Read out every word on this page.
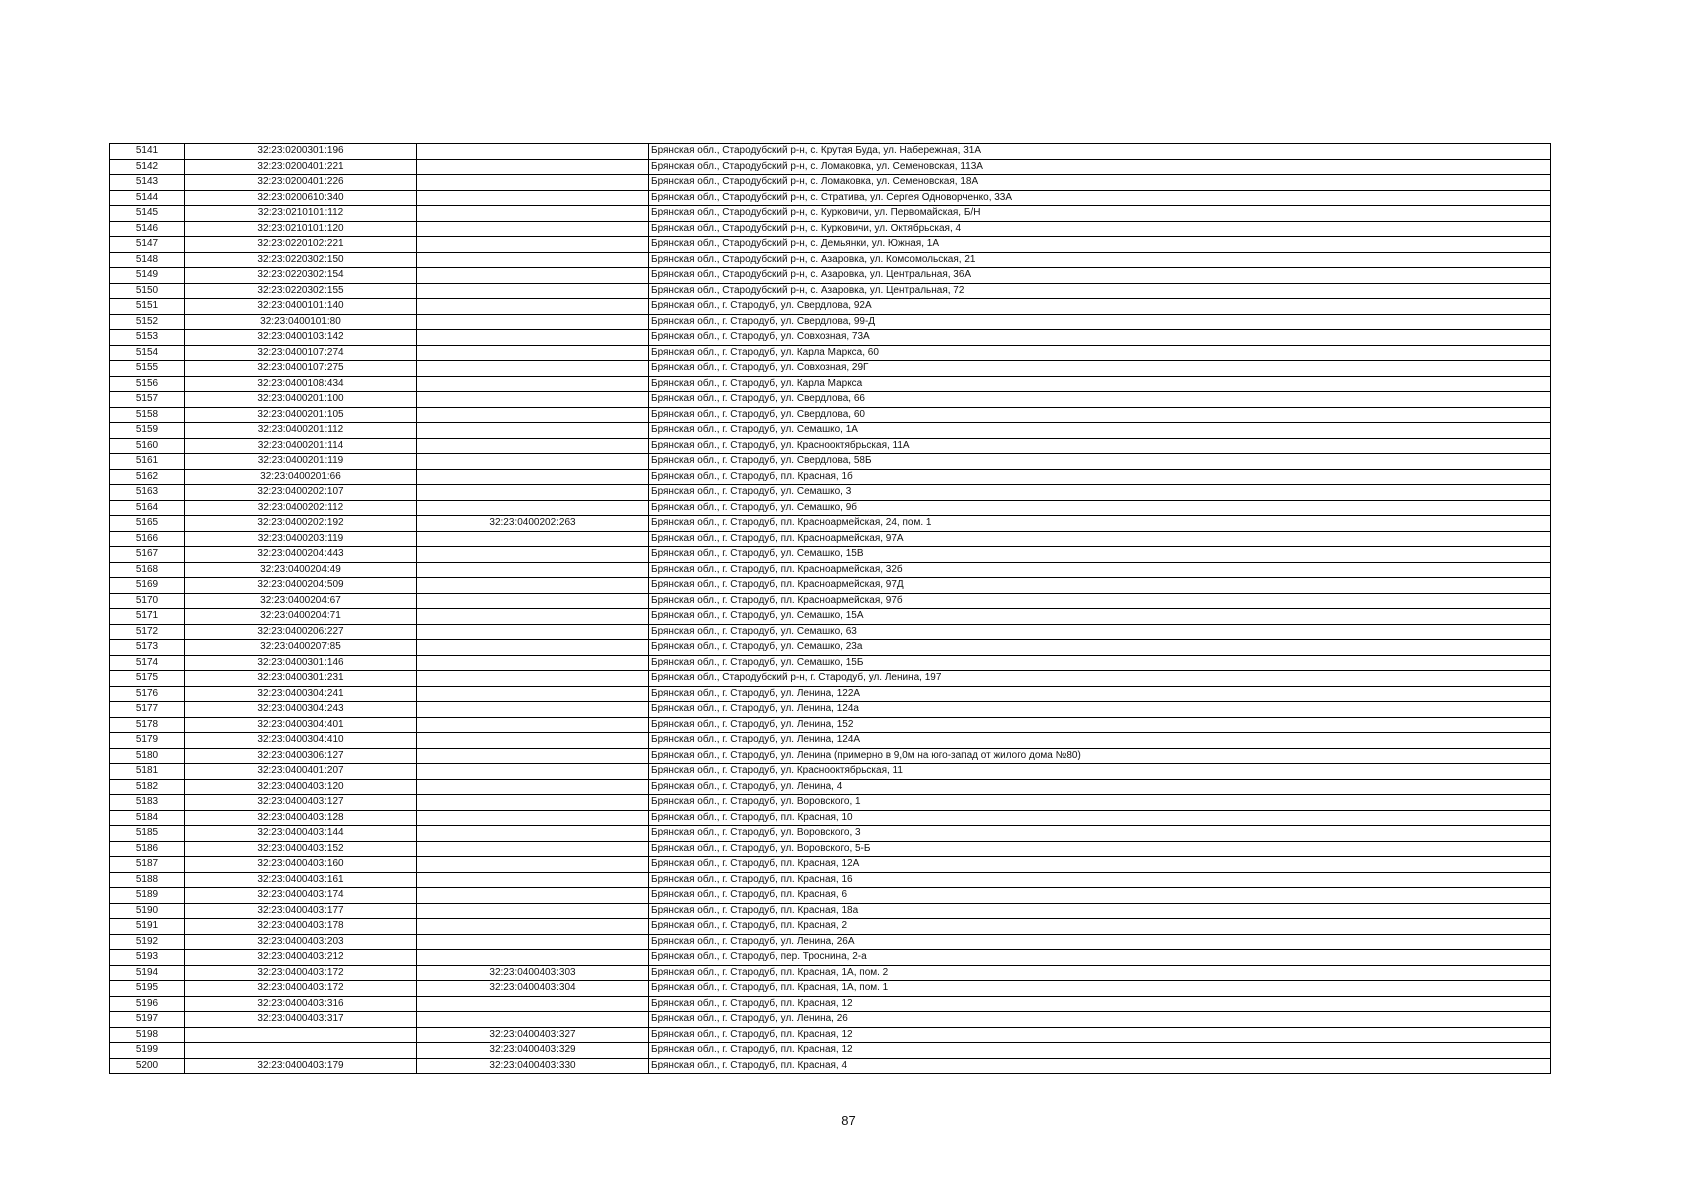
5141	32:23:0200301:196		Брянская обл., Стародубский р-н, с. Крутая Буда, ул. Набережная, 31А
5142	32:23:0200401:221		Брянская обл., Стародубский р-н, с. Ломаковка, ул. Семеновская, 113А
5143	32:23:0200401:226		Брянская обл., Стародубский р-н, с. Ломаковка, ул. Семеновская, 18А
5144	32:23:0200610:340		Брянская обл., Стародубский р-н, с. Стратива, ул. Сергея Одноворченко, 33А
5145	32:23:0210101:112		Брянская обл., Стародубский р-н, с. Курковичи, ул. Первомайская, Б/Н
5146	32:23:0210101:120		Брянская обл., Стародубский р-н, с. Курковичи, ул. Октябрьская, 4
5147	32:23:0220102:221		Брянская обл., Стародубский р-н, с. Демьянки, ул. Южная, 1А
5148	32:23:0220302:150		Брянская обл., Стародубский р-н, с. Азаровка, ул. Комсомольская, 21
5149	32:23:0220302:154		Брянская обл., Стародубский р-н, с. Азаровка, ул. Центральная, 36А
5150	32:23:0220302:155		Брянская обл., Стародубский р-н, с. Азаровка, ул. Центральная, 72
5151	32:23:0400101:140		Брянская обл., г. Стародуб, ул. Свердлова, 92А
5152	32:23:0400101:80		Брянская обл., г. Стародуб, ул. Свердлова, 99-Д
5153	32:23:0400103:142		Брянская обл., г. Стародуб, ул. Совхозная, 73А
5154	32:23:0400107:274		Брянская обл., г. Стародуб, ул. Карла Маркса, 60
5155	32:23:0400107:275		Брянская обл., г. Стародуб, ул. Совхозная, 29Г
5156	32:23:0400108:434		Брянская обл., г. Стародуб, ул. Карла Маркса
5157	32:23:0400201:100		Брянская обл., г. Стародуб, ул. Свердлова, 66
5158	32:23:0400201:105		Брянская обл., г. Стародуб, ул. Свердлова, 60
5159	32:23:0400201:112		Брянская обл., г. Стародуб, ул. Семашко, 1А
5160	32:23:0400201:114		Брянская обл., г. Стародуб, ул. Краснооктябрьская, 11А
5161	32:23:0400201:119		Брянская обл., г. Стародуб, ул. Свердлова, 58Б
5162	32:23:0400201:66		Брянская обл., г. Стародуб, пл. Красная, 1б
5163	32:23:0400202:107		Брянская обл., г. Стародуб, ул. Семашко, 3
5164	32:23:0400202:112		Брянская обл., г. Стародуб, ул. Семашко, 9б
5165	32:23:0400202:192	32:23:0400202:263	Брянская обл., г. Стародуб, пл. Красноармейская, 24, пом. 1
5166	32:23:0400203:119		Брянская обл., г. Стародуб, пл. Красноармейская, 97А
5167	32:23:0400204:443		Брянская обл., г. Стародуб, ул. Семашко, 15В
5168	32:23:0400204:49		Брянская обл., г. Стародуб, пл. Красноармейская, 32б
5169	32:23:0400204:509		Брянская обл., г. Стародуб, пл. Красноармейская, 97Д
5170	32:23:0400204:67		Брянская обл., г. Стародуб, пл. Красноармейская, 97б
5171	32:23:0400204:71		Брянская обл., г. Стародуб, ул. Семашко, 15А
5172	32:23:0400206:227		Брянская обл., г. Стародуб, ул. Семашко, 63
5173	32:23:0400207:85		Брянская обл., г. Стародуб, ул. Семашко, 23а
5174	32:23:0400301:146		Брянская обл., г. Стародуб, ул. Семашко, 15Б
5175	32:23:0400301:231		Брянская обл., Стародубский р-н, г. Стародуб, ул. Ленина, 197
5176	32:23:0400304:241		Брянская обл., г. Стародуб, ул. Ленина, 122А
5177	32:23:0400304:243		Брянская обл., г. Стародуб, ул. Ленина, 124а
5178	32:23:0400304:401		Брянская обл., г. Стародуб, ул. Ленина, 152
5179	32:23:0400304:410		Брянская обл., г. Стародуб, ул. Ленина, 124А
5180	32:23:0400306:127		Брянская обл., г. Стародуб, ул. Ленина (примерно в 9,0м на юго-запад от жилого дома №80)
5181	32:23:0400401:207		Брянская обл., г. Стародуб, ул. Краснооктябрьская, 11
5182	32:23:0400403:120		Брянская обл., г. Стародуб, ул. Ленина, 4
5183	32:23:0400403:127		Брянская обл., г. Стародуб, ул. Воровского, 1
5184	32:23:0400403:128		Брянская обл., г. Стародуб, пл. Красная, 10
5185	32:23:0400403:144		Брянская обл., г. Стародуб, ул. Воровского, 3
5186	32:23:0400403:152		Брянская обл., г. Стародуб, ул. Воровского, 5-Б
5187	32:23:0400403:160		Брянская обл., г. Стародуб, пл. Красная, 12А
5188	32:23:0400403:161		Брянская обл., г. Стародуб, пл. Красная, 16
5189	32:23:0400403:174		Брянская обл., г. Стародуб, пл. Красная, 6
5190	32:23:0400403:177		Брянская обл., г. Стародуб, пл. Красная, 18а
5191	32:23:0400403:178		Брянская обл., г. Стародуб, пл. Красная, 2
5192	32:23:0400403:203		Брянская обл., г. Стародуб, ул. Ленина, 26А
5193	32:23:0400403:212		Брянская обл., г. Стародуб, пер. Троснина, 2-а
5194	32:23:0400403:172	32:23:0400403:303	Брянская обл., г. Стародуб, пл. Красная, 1А, пом. 2
5195	32:23:0400403:172	32:23:0400403:304	Брянская обл., г. Стародуб, пл. Красная, 1А, пом. 1
5196	32:23:0400403:316		Брянская обл., г. Стародуб, пл. Красная, 12
5197	32:23:0400403:317		Брянская обл., г. Стародуб, ул. Ленина, 26
5198		32:23:0400403:327	Брянская обл., г. Стародуб, пл. Красная, 12
5199		32:23:0400403:329	Брянская обл., г. Стародуб, пл. Красная, 12
5200	32:23:0400403:179	32:23:0400403:330	Брянская обл., г. Стародуб, пл. Красная, 4
87
